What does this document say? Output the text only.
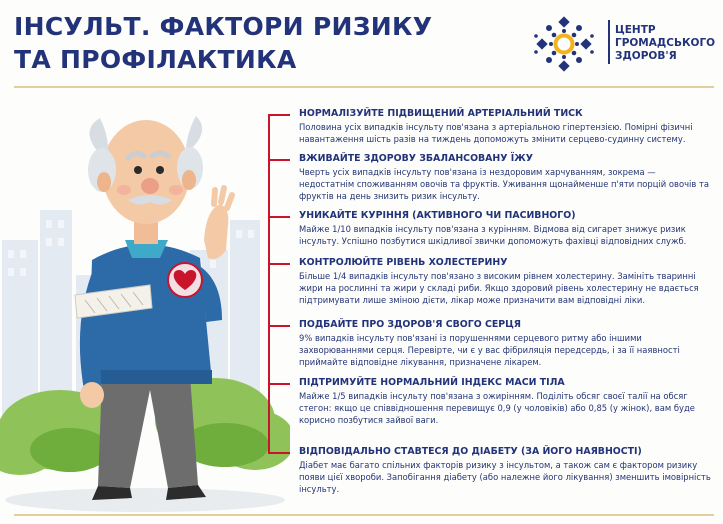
ІНСУЛЬТ. ФАКТОРИ РИЗИКУ
ТА ПРОФІЛАКТИКА
ЦЕНТР
ГРОМАДСЬКОГО
ЗДОРОВ'Я
НОРМАЛІЗУЙТЕ ПІДВИЩЕНИЙ АРТЕРІАЛЬНИЙ ТИСК

Половина усіх випадків інсульту пов'язана з артеріальною гіпертензією. Помірні фізичні навантаження шість разів на тиждень допоможуть змінити серцево-судинну систему.

ВЖИВАЙТЕ ЗДОРОВУ ЗБАЛАНСОВАНУ ЇЖУ

Чверть усіх випадків інсульту пов'язана із нездоровим харчуванням, зокрема — недостатнім споживанням овочів та фруктів. Уживання щонайменше п'яти порцій овочів та фруктів на день знизить ризик інсульту.

УНИКАЙТЕ КУРІННЯ (АКТИВНОГО ЧИ ПАСИВНОГО)

Майже 1/10 випадків інсульту пов'язана з курінням. Відмова від сигарет знижує ризик інсульту. Успішно позбутися шкідливої звички допоможуть фахівці відповідних служб.

КОНТРОЛЮЙТЕ РІВЕНЬ ХОЛЕСТЕРИНУ

Більше 1/4 випадків інсульту пов'язано з високим рівнем холестерину. Замініть тваринні жири на рослинні та жири у складі риби. Якщо здоровий рівень холестерину не вдається підтримувати лише зміною дієти, лікар може призначити вам відповідні ліки.

ПОДБАЙТЕ ПРО ЗДОРОВ'Я СВОГО СЕРЦЯ

9% випадків інсульту пов'язані із порушеннями серцевого ритму або іншими захворюваннями серця. Перевірте, чи є у вас фібриляція передсердь, і за її наявності приймайте відповідне лікування, призначене лікарем.

ПІДТРИМУЙТЕ НОРМАЛЬНИЙ ІНДЕКС МАСИ ТІЛА

Майже 1/5 випадків інсульту пов'язана з ожирінням. Поділіть обсяг своєї талії на обсяг стегон: якщо це співвідношення перевищує 0,9 (у чоловіків) або 0,85 (у жінок), вам буде корисно позбутися зайвої ваги.

ВІДПОВІДАЛЬНО СТАВТЕСЯ ДО ДІАБЕТУ (ЗА ЙОГО НАЯВНОСТІ)

Діабет має багато спільних факторів ризику з інсультом, а також сам є фактором ризику появи цієї хвороби. Запобігання діабету (або належне його лікування) зменшить імовірність інсульту.
